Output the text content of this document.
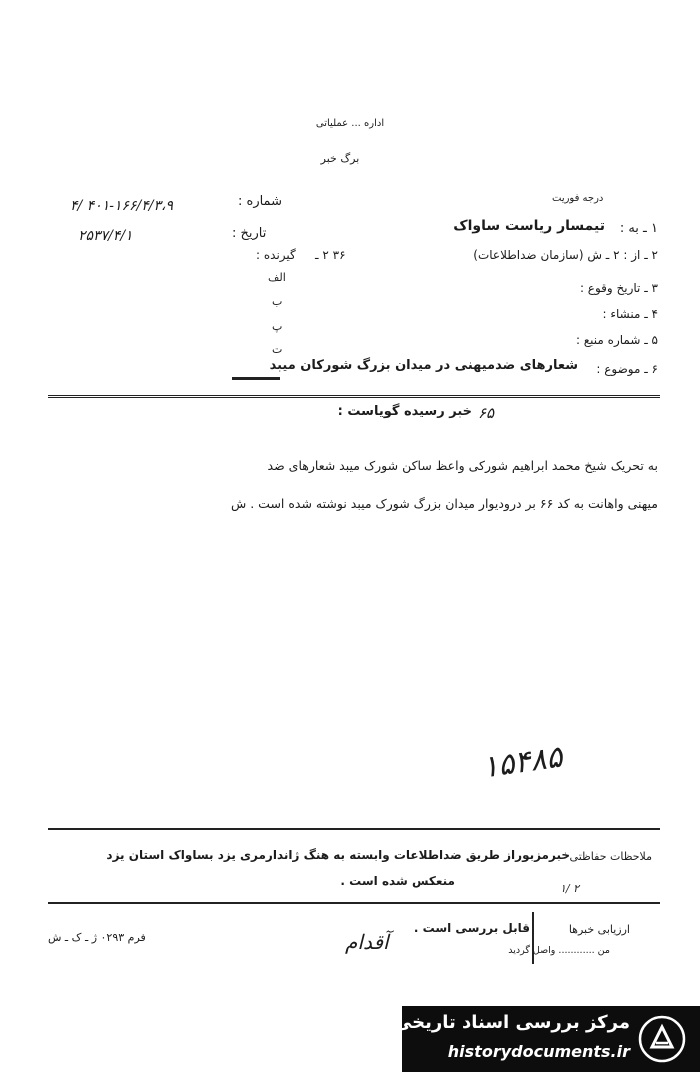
اداره ... عملیاتی
برگ خبر
درجه فوریت
شماره :
۴/ ۴۰۱-۱۶۶/۴/۳،۹
تاریخ :
۲۵۳۷/۴/۱	۱ ـ به :
تیمسار ریاست ساواک
۲ ـ از : ۲ ـ ش (سازمان ضداطلاعات)
۳۶ ۲ ـ
گیرنده :
الف
۳ ـ تاریخ وقوع :
ب
۴ ـ منشاء :
پ
۵ ـ شماره منبع :
ت
۶ ـ موضوع :
شعارهای ضدمیهنی در میدان بزرگ شورکان میبد
خبر رسیده گویاست : ۶۵
به تحریک شیخ محمد ابراهیم شورکی واعظ ساکن شورک میبد شعارهای ضد
میهنی واهانت به کد ۶۶ بر درودیوار میدان بزرگ شورک میبد نوشته شده است . ش
۱۵۴۸۵
ملاحظات حفاظتی
خبرمزبوراز طریق ضداطلاعات وابسته به هنگ ژاندارمری یزد بساواک استان یزد
منعکس شده است .
۱/ ۲
ارزیابی خبرها
قابل بررسی است .
من ............ واصل گردید
فرم ۰۲۹۳ ژ ـ ک ـ ش	آقدام
مرکز بررسی اسناد تاریخی
historydocuments.ir
